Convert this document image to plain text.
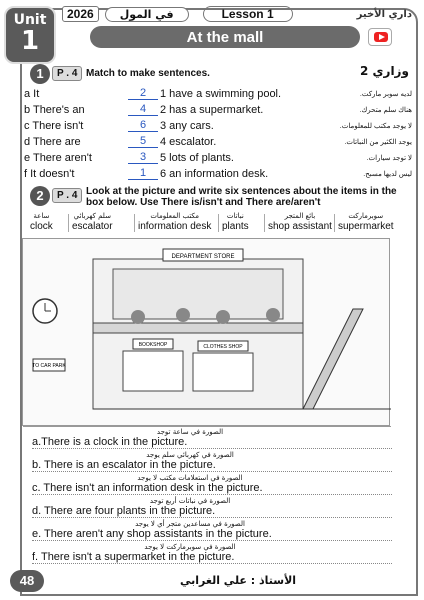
Unit
1
2026	في المول	Lesson 1	داري الأخير
At the mall
1	P . 4 Match to make sentences.	وزاري 2
a It	2	1 have a swimming pool.	لديه سوبر ماركت.
b There's an	4	2 has a supermarket.	هناك سلم متحرك.
c There isn't	6	3 any cars.	لا يوجد مكتب للمعلومات.
d There are	5	4 escalator.	يوجد الكثير من النباتات.
e There aren't	3	5 lots of plants.	لا توجد سيارات.
f It doesn't	1	6 an information desk.	ليس لديها مسبح.
2	P . 4 Look at the picture and write six sentences about the items in the box below. Use There is/isn't and There are/aren't
ساعة
clock
سلم كهربائي
escalator
مكتب المعلومات
information desk
نباتات
plants
بائع المتجر
shop assistant
سوبرماركت
supermarket
TO CAR PARK
DEPARTMENT STORE
BOOKSHOP	CLOTHES SHOP
الصورة في ساعة توجد
a.There is a clock in the picture.
الصورة في كهربائي سلم يوجد
b. There is an escalator in the picture.
الصورة في استعلامات مكتب لا يوجد
c. There isn't an information desk in the picture.
الصورة في نباتات أربع توجد
d. There are four plants in the picture.
الصورة في مساعدين متجر أي لا يوجد
e. There aren't any shop assistants in the picture.
الصورة في سوبرماركت لا يوجد
f. There isn't a supermarket in the picture.
48	الأستاذ : علي الغرابي
